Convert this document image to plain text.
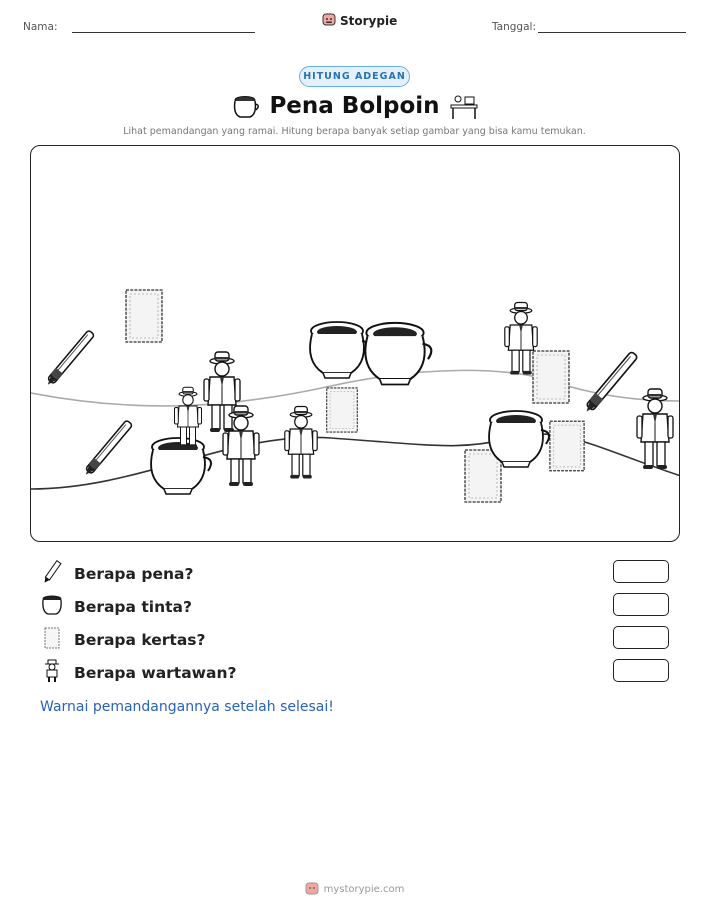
Nama:	Storypie	Tanggal:
HITUNG ADEGAN
Pena Bolpoin
Lihat pemandangan yang ramai. Hitung berapa banyak setiap gambar yang bisa kamu temukan.
Berapa pena?
Berapa tinta?
Berapa kertas?
Berapa wartawan?
Warnai pemandangannya setelah selesai!
mystorypie.com
